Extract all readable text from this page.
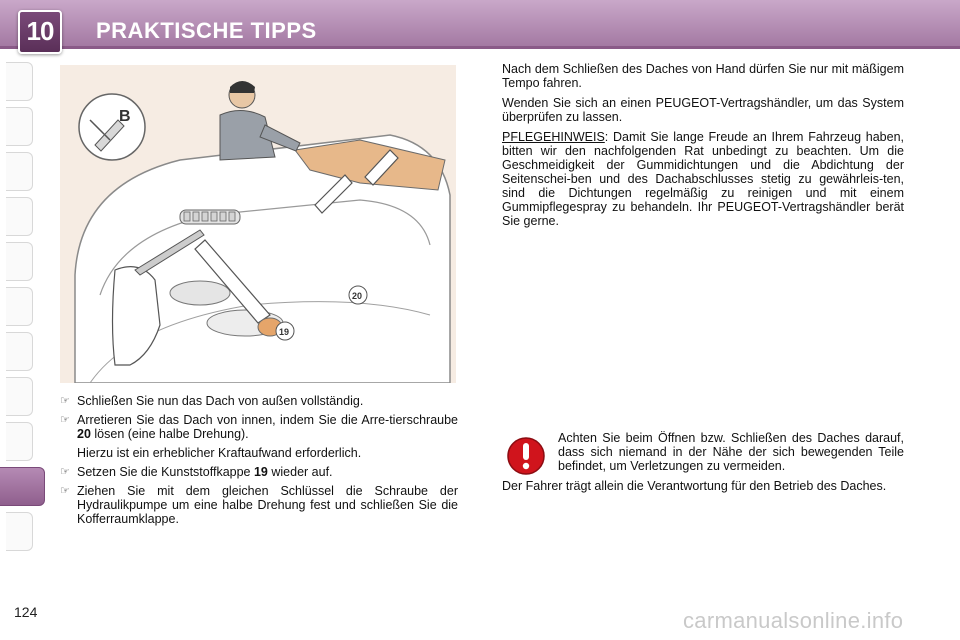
10	PRAKTISCHE TIPPS
B
20
19
☞ Schließen Sie nun das Dach von außen vollständig.
☞ Arretieren Sie das Dach von innen, indem Sie die Arre-tierschraube 20 lösen (eine halbe Drehung).
Hierzu ist ein erheblicher Kraftaufwand erforderlich.
☞ Setzen Sie die Kunststoffkappe 19 wieder auf.
☞ Ziehen Sie mit dem gleichen Schlüssel die Schraube der Hydraulikpumpe um eine halbe Drehung fest und schließen Sie die Kofferraumklappe.

Nach dem Schließen des Daches von Hand dürfen Sie nur mit mäßigem Tempo fahren.

Wenden Sie sich an einen PEUGEOT-Vertragshändler, um das System überprüfen zu lassen.

PFLEGEHINWEIS: Damit Sie lange Freude an Ihrem Fahrzeug haben, bitten wir den nachfolgenden Rat unbedingt zu beachten. Um die Geschmeidigkeit der Gummidichtungen und die Abdichtung der Seitenschei-ben und des Dachabschlusses stetig zu gewährleis-ten, sind die Dichtungen regelmäßig zu reinigen und mit einem Gummipflegespray zu behandeln. Ihr PEUGEOT-Vertragshändler berät Sie gerne.

Achten Sie beim Öffnen bzw. Schließen des Daches darauf, dass sich niemand in der Nähe der sich bewegenden Teile befindet, um Verletzungen zu vermeiden.
Der Fahrer trägt allein die Verantwortung für den Betrieb des Daches.
124	carmanualsonline.info
